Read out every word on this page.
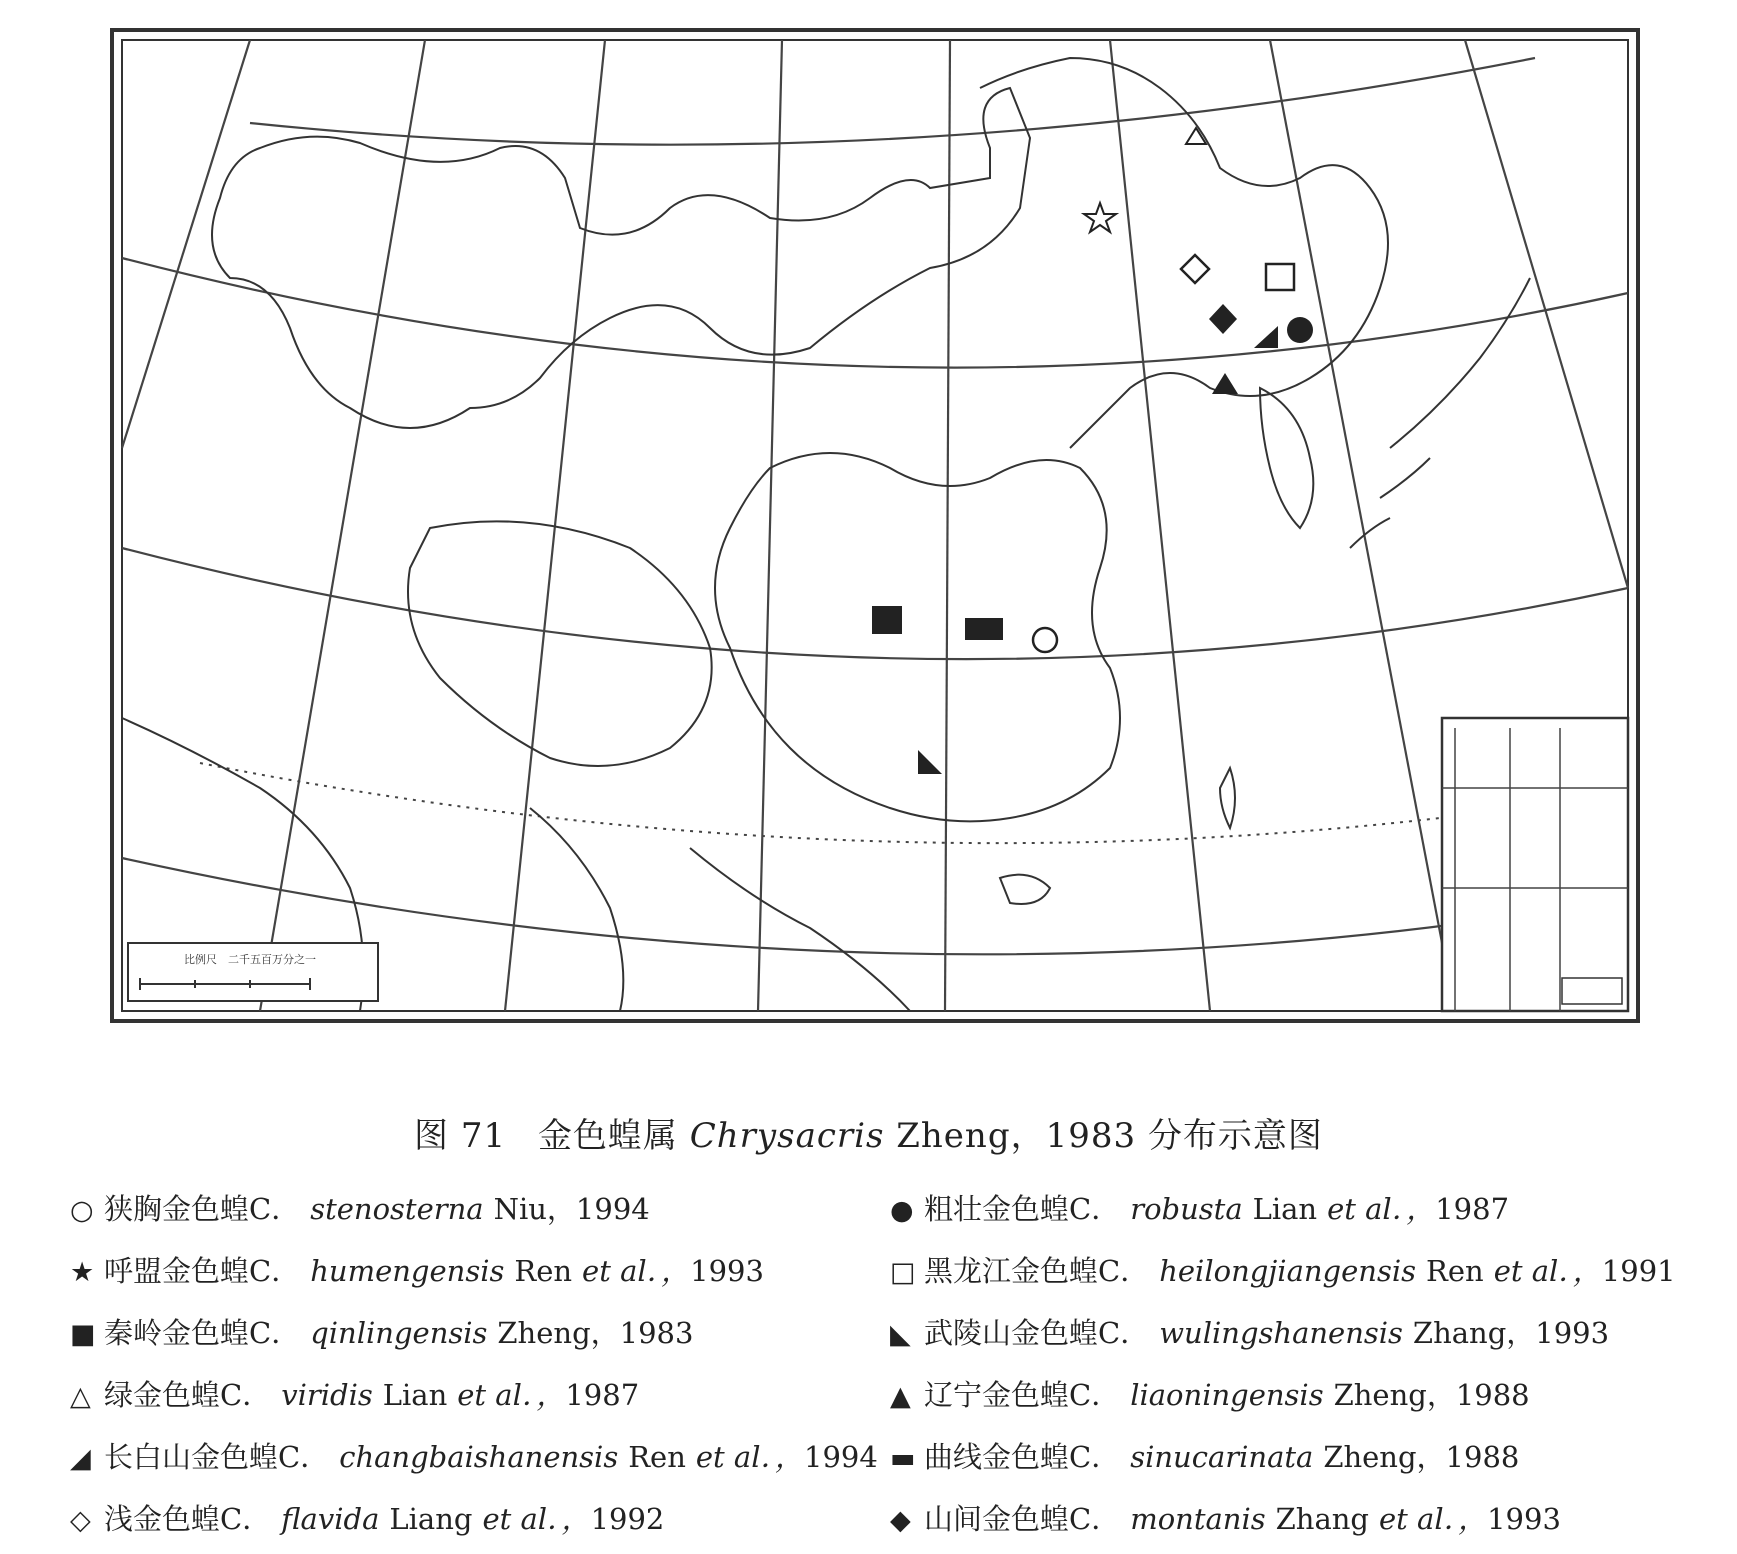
比例尺　二千五百万分之一
图 71 金色蝗属 Chrysacris Zheng，1983 分布示意图
○ 狭胸金色蝗C． stenosterna Niu，1994
★ 呼盟金色蝗C． humengensis Ren et al．，1993
■ 秦岭金色蝗C． qinlingensis Zheng，1983
△ 绿金色蝗C． viridis Lian et al．，1987
◢ 长白山金色蝗C． changbaishanensis Ren et al．，1994
◇ 浅金色蝗C． flavida Liang et al．，1992
● 粗壮金色蝗C． robusta Lian et al．，1987
□ 黑龙江金色蝗C． heilongjiangensis Ren et al．，1991
◣ 武陵山金色蝗C． wulingshanensis Zhang，1993
▲ 辽宁金色蝗C． liaoningensis Zheng，1988
▬ 曲线金色蝗C． sinucarinata Zheng，1988
◆ 山间金色蝗C． montanis Zhang et al．，1993
